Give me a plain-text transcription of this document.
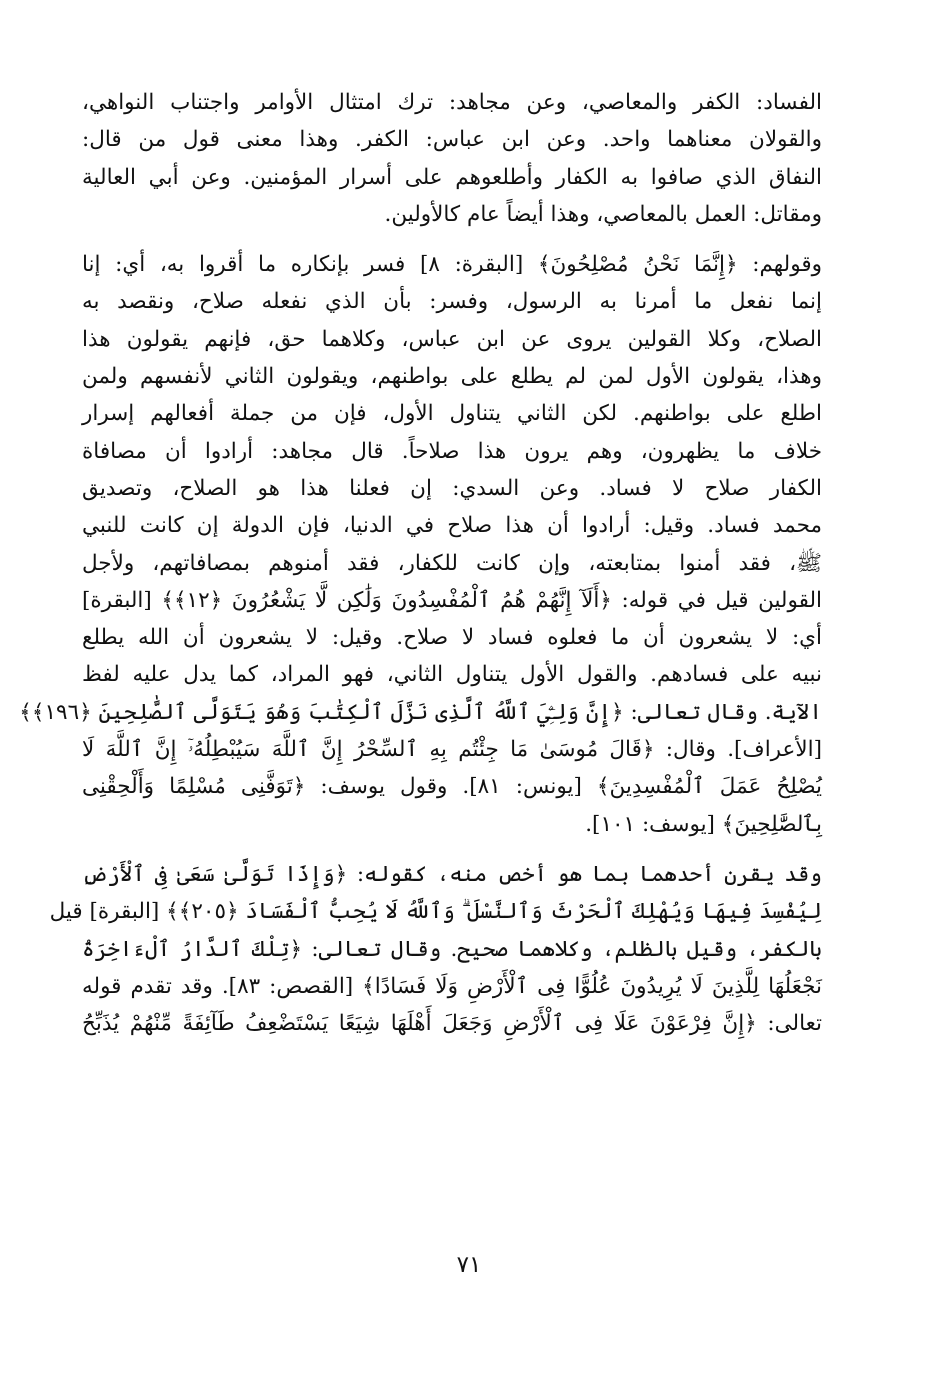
الفساد: الكفر والمعاصي، وعن مجاهد: ترك امتثال الأوامر واجتناب النواهي،
والقولان معناهما واحد. وعن ابن عباس: الكفر. وهذا معنى قول من قال:
النفاق الذي صافوا به الكفار وأطلعوهم على أسرار المؤمنين. وعن أبي العالية
ومقاتل: العمل بالمعاصي، وهذا أيضاً عام كالأولين.
وقولهم: ﴿إِنَّمَا نَحْنُ مُصْلِحُونَ﴾ [البقرة: ٨] فسر بإنكاره ما أقروا به، أي: إنا
إنما نفعل ما أمرنا به الرسول، وفسر: بأن الذي نفعله صلاح، ونقصد به
الصلاح، وكلا القولين يروى عن ابن عباس، وكلاهما حق، فإنهم يقولون هذا
وهذا، يقولون الأول لمن لم يطلع على بواطنهم، ويقولون الثاني لأنفسهم ولمن
اطلع على بواطنهم. لكن الثاني يتناول الأول، فإن من جملة أفعالهم إسرار
خلاف ما يظهرون، وهم يرون هذا صلاحاً. قال مجاهد: أرادوا أن مصافاة
الكفار صلاح لا فساد. وعن السدي: إن فعلنا هذا هو الصلاح، وتصديق
محمد فساد. وقيل: أرادوا أن هذا صلاح في الدنيا، فإن الدولة إن كانت للنبي
ﷺ، فقد أمنوا بمتابعته، وإن كانت للكفار، فقد أمنوهم بمصافاتهم، ولأجل
القولين قيل في قوله: ﴿أَلَآ إِنَّهُمْ هُمُ ٱلْمُفْسِدُونَ وَلَٰكِن لَّا يَشْعُرُونَ ﴿١٢﴾﴾ [البقرة]
أي: لا يشعرون أن ما فعلوه فساد لا صلاح. وقيل: لا يشعرون أن الله يطلع
نبيه على فسادهم. والقول الأول يتناول الثاني، فهو المراد، كما يدل عليه لفظ
الآية. وقال تعالى: ﴿إِنَّ وَلِـِّۧيَ ٱللَّهُ ٱلَّذِى نَزَّلَ ٱلْكِتَٰبَ وَهُوَ يَتَوَلَّى ٱلصَّٰلِحِينَ ﴿١٩٦﴾﴾
[الأعراف]. وقال: ﴿قَالَ مُوسَىٰ مَا جِئْتُم بِهِ ٱلسِّحْرُ إِنَّ ٱللَّهَ سَيُبْطِلُهُۥٓ إِنَّ ٱللَّهَ لَا
يُصْلِحُ عَمَلَ ٱلْمُفْسِدِينَ﴾ [يونس: ٨١]. وقول يوسف: ﴿تَوَفَّنِى مُسْلِمًا وَأَلْحِقْنِى
بِٱلصَّٰلِحِينَ﴾ [يوسف: ١٠١].
وقد يقرن أحدهما بما هو أخص منه، كقوله: ﴿وَإِذَا تَوَلَّىٰ سَعَىٰ فِى ٱلْأَرْضِ
لِيُفْسِدَ فِيهَا وَيُهْلِكَ ٱلْحَرْثَ وَٱلنَّسْلَ ۗ وَٱللَّهُ لَا يُحِبُّ ٱلْفَسَادَ ﴿٢٠٥﴾﴾ [البقرة] قيل
بالكفر، وقيل بالظلم، وكلاهما صحيح. وقال تعالى: ﴿تِلْكَ ٱلدَّارُ ٱلْءَاخِرَةُ
نَجْعَلُهَا لِلَّذِينَ لَا يُرِيدُونَ عُلُوًّا فِى ٱلْأَرْضِ وَلَا فَسَادًا﴾ [القصص: ٨٣]. وقد تقدم قوله
تعالى: ﴿إِنَّ فِرْعَوْنَ عَلَا فِى ٱلْأَرْضِ وَجَعَلَ أَهْلَهَا شِيَعًا يَسْتَضْعِفُ طَآئِفَةً مِّنْهُمْ يُذَبِّحُ
٧١
